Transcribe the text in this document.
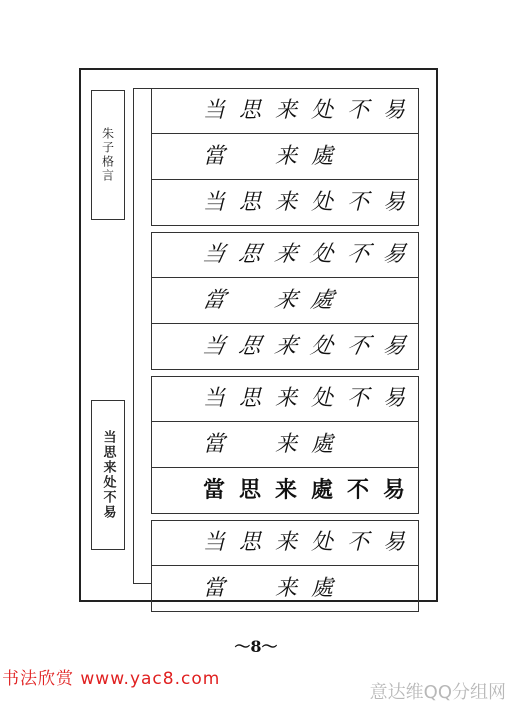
朱子格言
当思来处不易
当 思 来 处 不 易
當	来 處
当 思 来 处 不 易
当 思 来 处 不 易
當	来 處
当 思 来 处 不 易
当 思 来 处 不 易
當	来 處
當 思 来 處 不 易
当 思 来 处 不 易
當	来 處
～8～
书法欣赏 www.yac8.com
意达维QQ分组网
